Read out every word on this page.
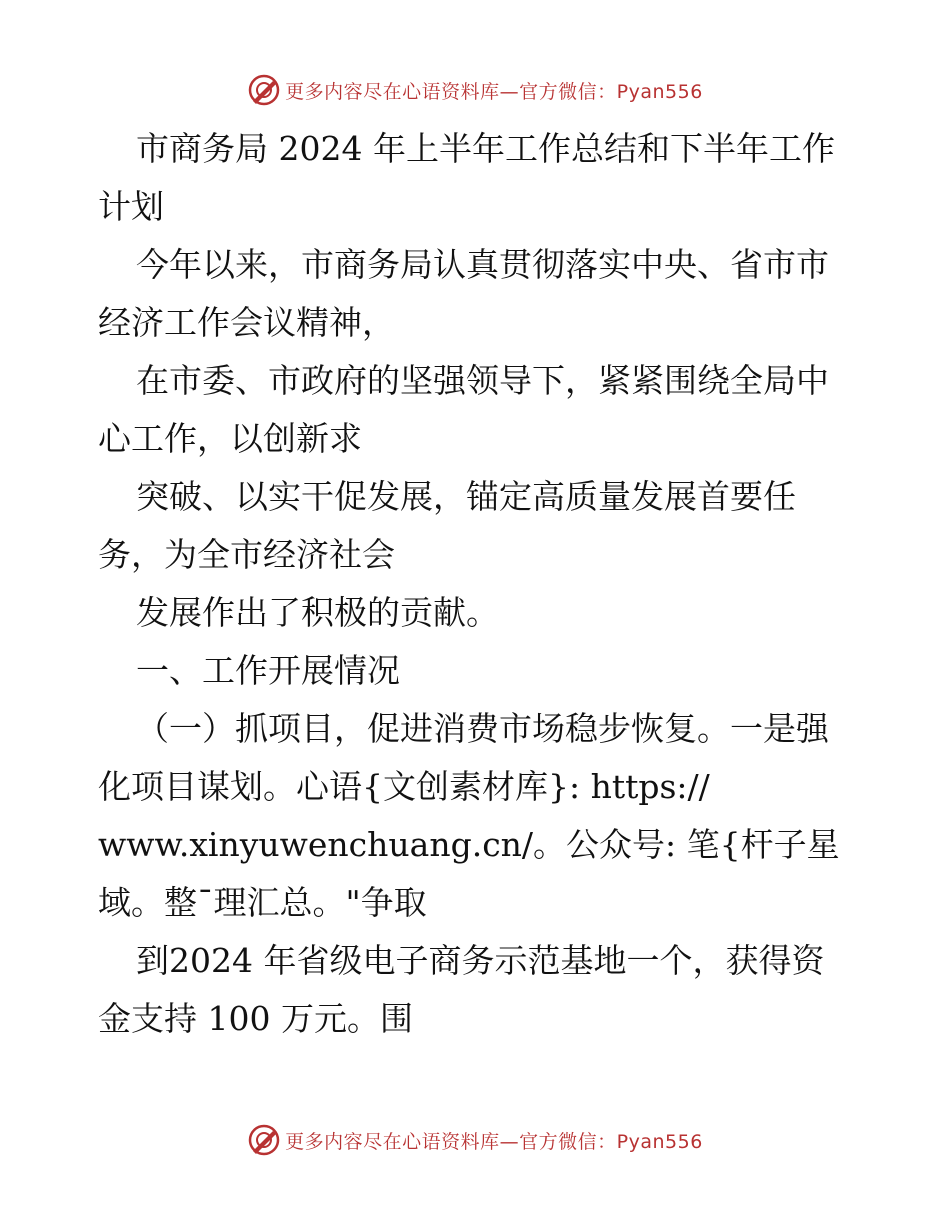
更多内容尽在心语资料库—官方微信：Pyan556
市商务局 2024 年上半年工作总结和下半年工作
计划
今年以来，市商务局认真贯彻落实中央、省市市
经济工作会议精神，
在市委、市政府的坚强领导下，紧紧围绕全局中
心工作，以创新求
突破、以实干促发展，锚定高质量发展首要任
务，为全市经济社会
发展作出了积极的贡献。
一、工作开展情况
（一）抓项目，促进消费市场稳步恢复。一是强
化项目谋划。心语{文创素材库}: https://
www.xinyuwenchuang.cn/。公众号: 笔{杆子星
域。整¯理汇总。"争取
到2024 年省级电子商务示范基地一个，获得资
金支持 100 万元。围
更多内容尽在心语资料库—官方微信：Pyan556
